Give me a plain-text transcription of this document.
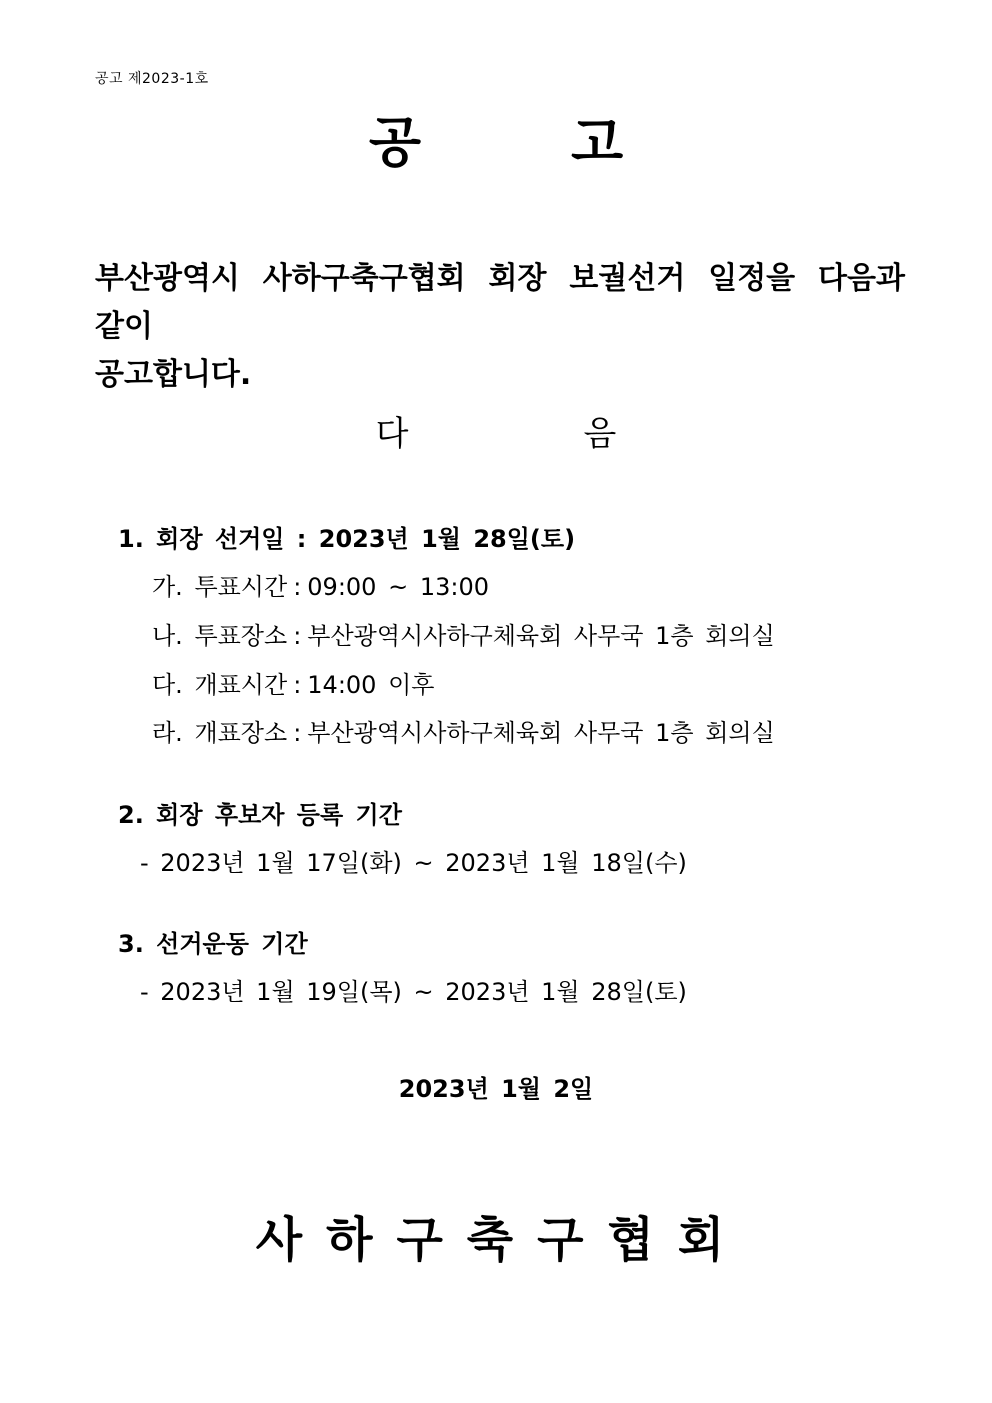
공고 제2023-1호
공	고
부산광역시 사하구축구협회 회장 보궐선거 일정을 다음과 같이
공고합니다.
다	음
1. 회장 선거일 : 2023년 1월 28일(토)
가. 투표시간 : 09:00 ~ 13:00
나. 투표장소 : 부산광역시사하구체육회 사무국 1층 회의실
다. 개표시간 : 14:00 이후
라. 개표장소 : 부산광역시사하구체육회 사무국 1층 회의실
2. 회장 후보자 등록 기간
- 2023년 1월 17일(화) ~ 2023년 1월 18일(수)
3. 선거운동 기간
- 2023년 1월 19일(목) ~ 2023년 1월 28일(토)
2023년 1월 2일
사하구축구협회
